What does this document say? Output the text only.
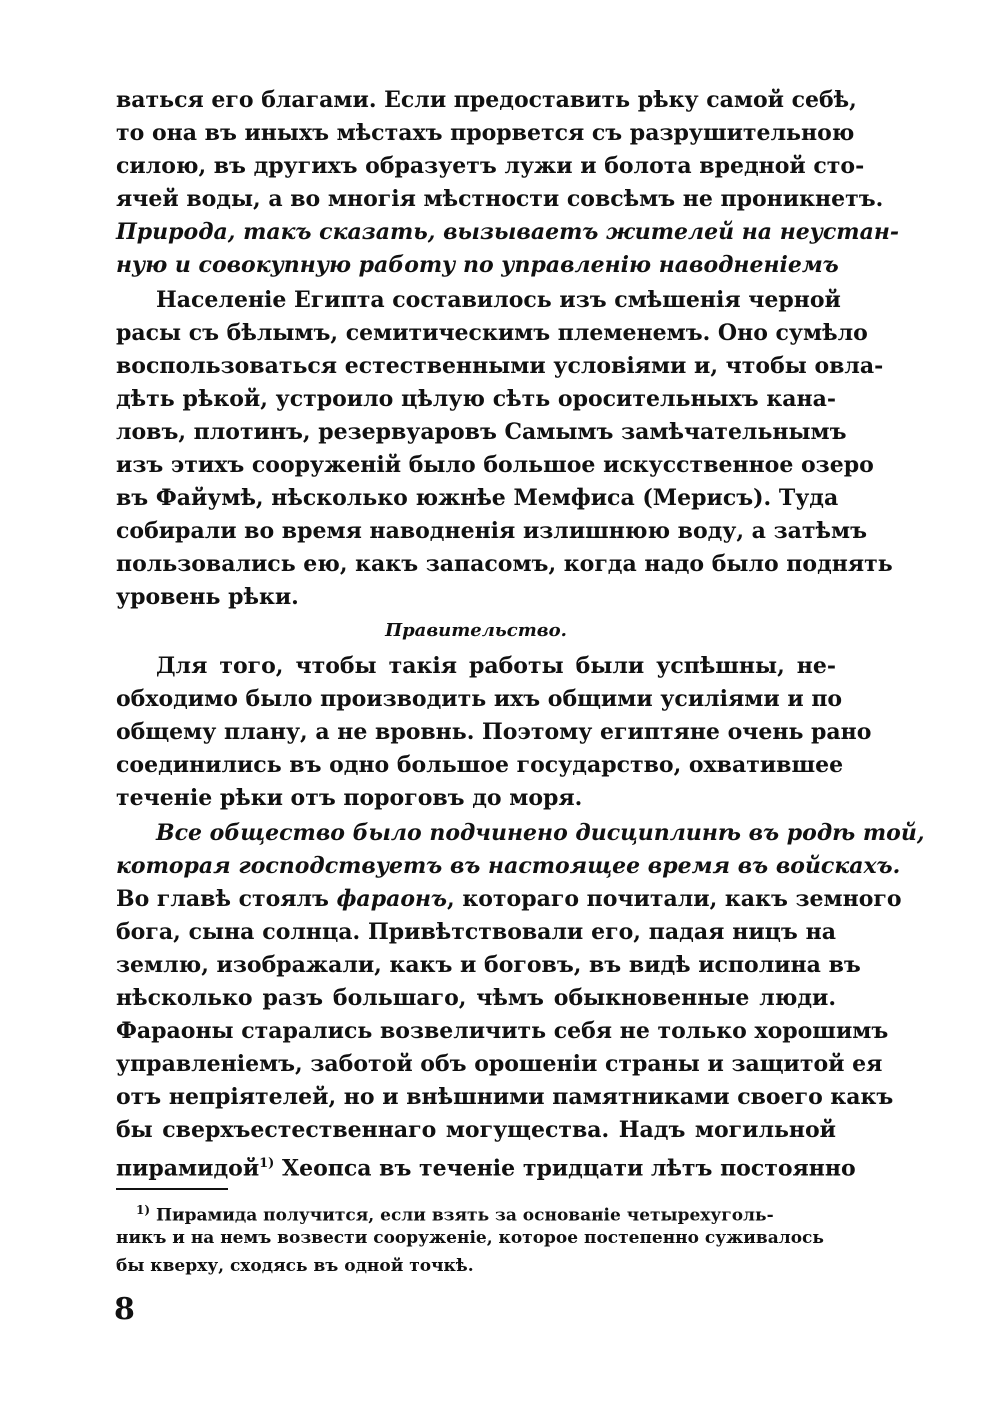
ваться его благами. Если предоставить рѣку самой себѣ,
то она въ иныхъ мѣстахъ прорвется съ разрушительною
силою, въ другихъ образуетъ лужи и болота вредной сто-
ячей воды, а во многія мѣстности совсѣмъ не проникнетъ.
Природа, такъ сказать, вызываетъ жителей на неустан-
ную и совокупную работу по управленію наводненіемъ
Населеніе Египта составилось изъ смѣшенія черной
расы съ бѣлымъ, семитическимъ племенемъ. Оно сумѣло
воспользоваться естественными условіями и, чтобы овла-
дѣть рѣкой, устроило цѣлую сѣть оросительныхъ кана-
ловъ, плотинъ, резервуаровъ Самымъ замѣчательнымъ
изъ этихъ сооруженій было большое искусственное озеро
въ Файумѣ, нѣсколько южнѣе Мемфиса (Мерисъ). Туда
собирали во время наводненія излишнюю воду, а затѣмъ
пользовались ею, какъ запасомъ, когда надо было поднять
уровень рѣки.
Правительство.
Для того, чтобы такія работы были успѣшны, не-
обходимо было производить ихъ общими усиліями и по
общему плану, а не вровнь. Поэтому египтяне очень рано
соединились въ одно большое государство, охватившее
теченіе рѣки отъ пороговъ до моря.
Все общество было подчинено дисциплинѣ въ родѣ той,
которая господствуетъ въ настоящее время въ войскахъ.
Во главѣ стоялъ фараонъ, котораго почитали, какъ земного
бога, сына солнца. Привѣтствовали его, падая ницъ на
землю, изображали, какъ и боговъ, въ видѣ исполина въ
нѣсколько разъ большаго, чѣмъ обыкновенные люди.
Фараоны старались возвеличить себя не только хорошимъ
управленіемъ, заботой объ орошеніи страны и защитой ея
отъ непріятелей, но и внѣшними памятниками своего какъ
бы сверхъестественнаго могущества. Надъ могильной
пирамидой$^{1)}$ Хеопса въ теченіе тридцати лѣтъ постоянно
$^{1)}$ Пирамида получится, если взять за основаніе четырехуголь-
никъ и на немъ возвести сооруженіе, которое постепенно суживалось
бы кверху, сходясь въ одной точкѣ.
8
